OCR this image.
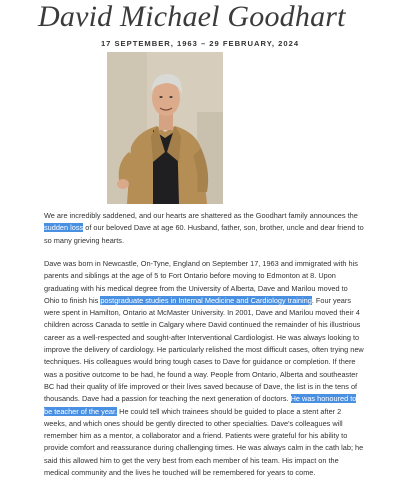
David Michael Goodhart
17 SEPTEMBER, 1963 – 29 FEBRUARY, 2024

We are incredibly saddened, and our hearts are shattered as the Goodhart family announces the sudden loss of our beloved Dave at age 60. Husband, father, son, brother, uncle and dear friend to so many grieving hearts.

Dave was born in Newcastle, On-Tyne, England on September 17, 1963 and immigrated with his parents and siblings at the age of 5 to Fort Ontario before moving to Edmonton at 8. Upon graduating with his medical degree from the University of Alberta, Dave and Marilou moved to Ohio to finish his postgraduate studies in Internal Medicine and Cardiology training. Four years were spent in Hamilton, Ontario at McMaster University. In 2001, Dave and Marilou moved their 4 children across Canada to settle in Calgary where David continued the remainder of his illustrious career as a well-respected and sought-after Interventional Cardiologist. He was always looking to improve the delivery of cardiology. He particularly relished the most difficult cases, often trying new techniques. His colleagues would bring tough cases to Dave for guidance or completion. If there was a positive outcome to be had, he found a way. People from Ontario, Alberta and southeaster BC had their quality of life improved or their lives saved because of Dave, the list is in the tens of thousands. Dave had a passion for teaching the next generation of doctors. He was honoured to be teacher of the year. He could tell which trainees should be guided to place a stent after 2 weeks, and which ones should be gently directed to other specialties. Dave's colleagues will remember him as a mentor, a collaborator and a friend. Patients were grateful for his ability to provide comfort and reassurance during challenging times. He was always calm in the cath lab; he said this allowed him to get the very best from each member of his team. His impact on the medical community and the lives he touched will be remembered for years to come.
